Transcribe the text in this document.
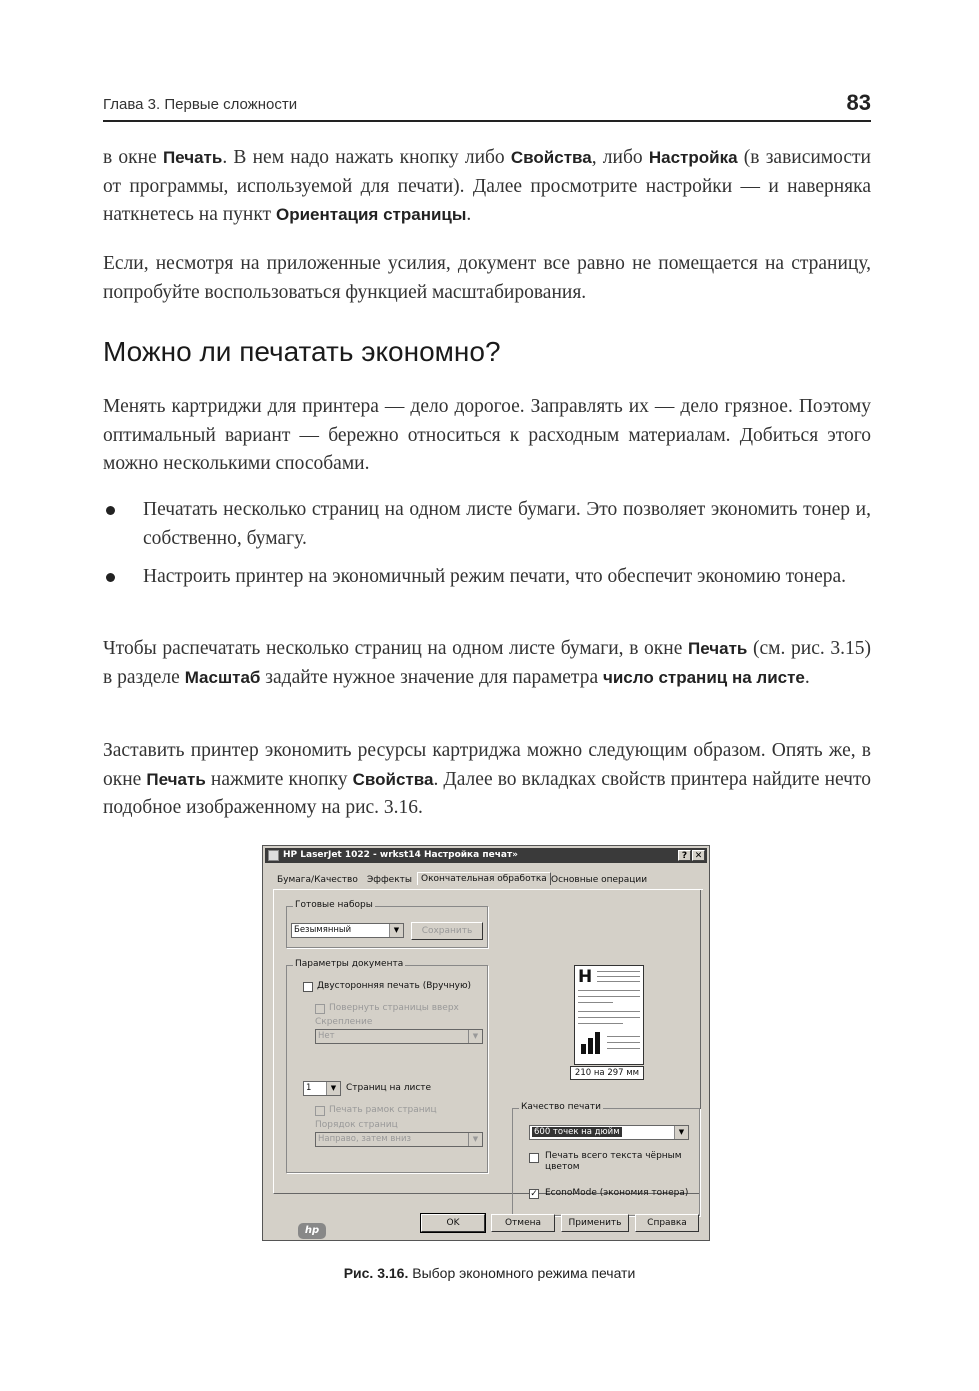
Глава 3. Первые сложности	83

в окне Печать. В нем надо нажать кнопку либо Свойства, либо Настройка (в зависимости от программы, используемой для печати). Далее просмотрите настройки — и наверняка наткнетесь на пункт Ориентация страницы.

Если, несмотря на приложенные усилия, документ все равно не помещается на страницу, попробуйте воспользоваться функцией масштабирования.

Можно ли печатать экономно?

Менять картриджи для принтера — дело дорогое. Заправлять их — дело грязное. Поэтому оптимальный вариант — бережно относиться к расходным материалам. Добиться этого можно несколькими способами.

Печатать несколько страниц на одном листе бумаги. Это позволяет экономить тонер и, собственно, бумагу.
Настроить принтер на экономичный режим печати, что обеспечит экономию тонера.

Чтобы распечатать несколько страниц на одном листе бумаги, в окне Печать (см. рис. 3.15) в разделе Масштаб задайте нужное значение для параметра число страниц на листе.

Заставить принтер экономить ресурсы картриджа можно следующим образом. Опять же, в окне Печать нажмите кнопку Свойства. Далее во вкладках свойств принтера найдите нечто подобное изображенному на рис. 3.16.

HP LaserJet 1022 - wrkst14 Настройка печат»	? ✕
Бумага/Качество Эффекты	Окончательная обработка Основные операции
Готовые наборы
Безымянный	▼	Сохранить
Параметры документа
Двусторонняя печать (Вручную)
Повернуть страницы вверх
Скрепление
Нет	▼
1	▼	Страниц на листе
Печать рамок страниц
Порядок страниц
Направо, затем вниз	▼
H
210 на 297 мм
Качество печати
600 точек на дюйм	▼
Печать всего текста чёрным цветом
✓ EconoMode (экономия тонера)
hp
OK	Отмена	Применить	Справка
Рис. 3.16. Выбор экономного режима печати
